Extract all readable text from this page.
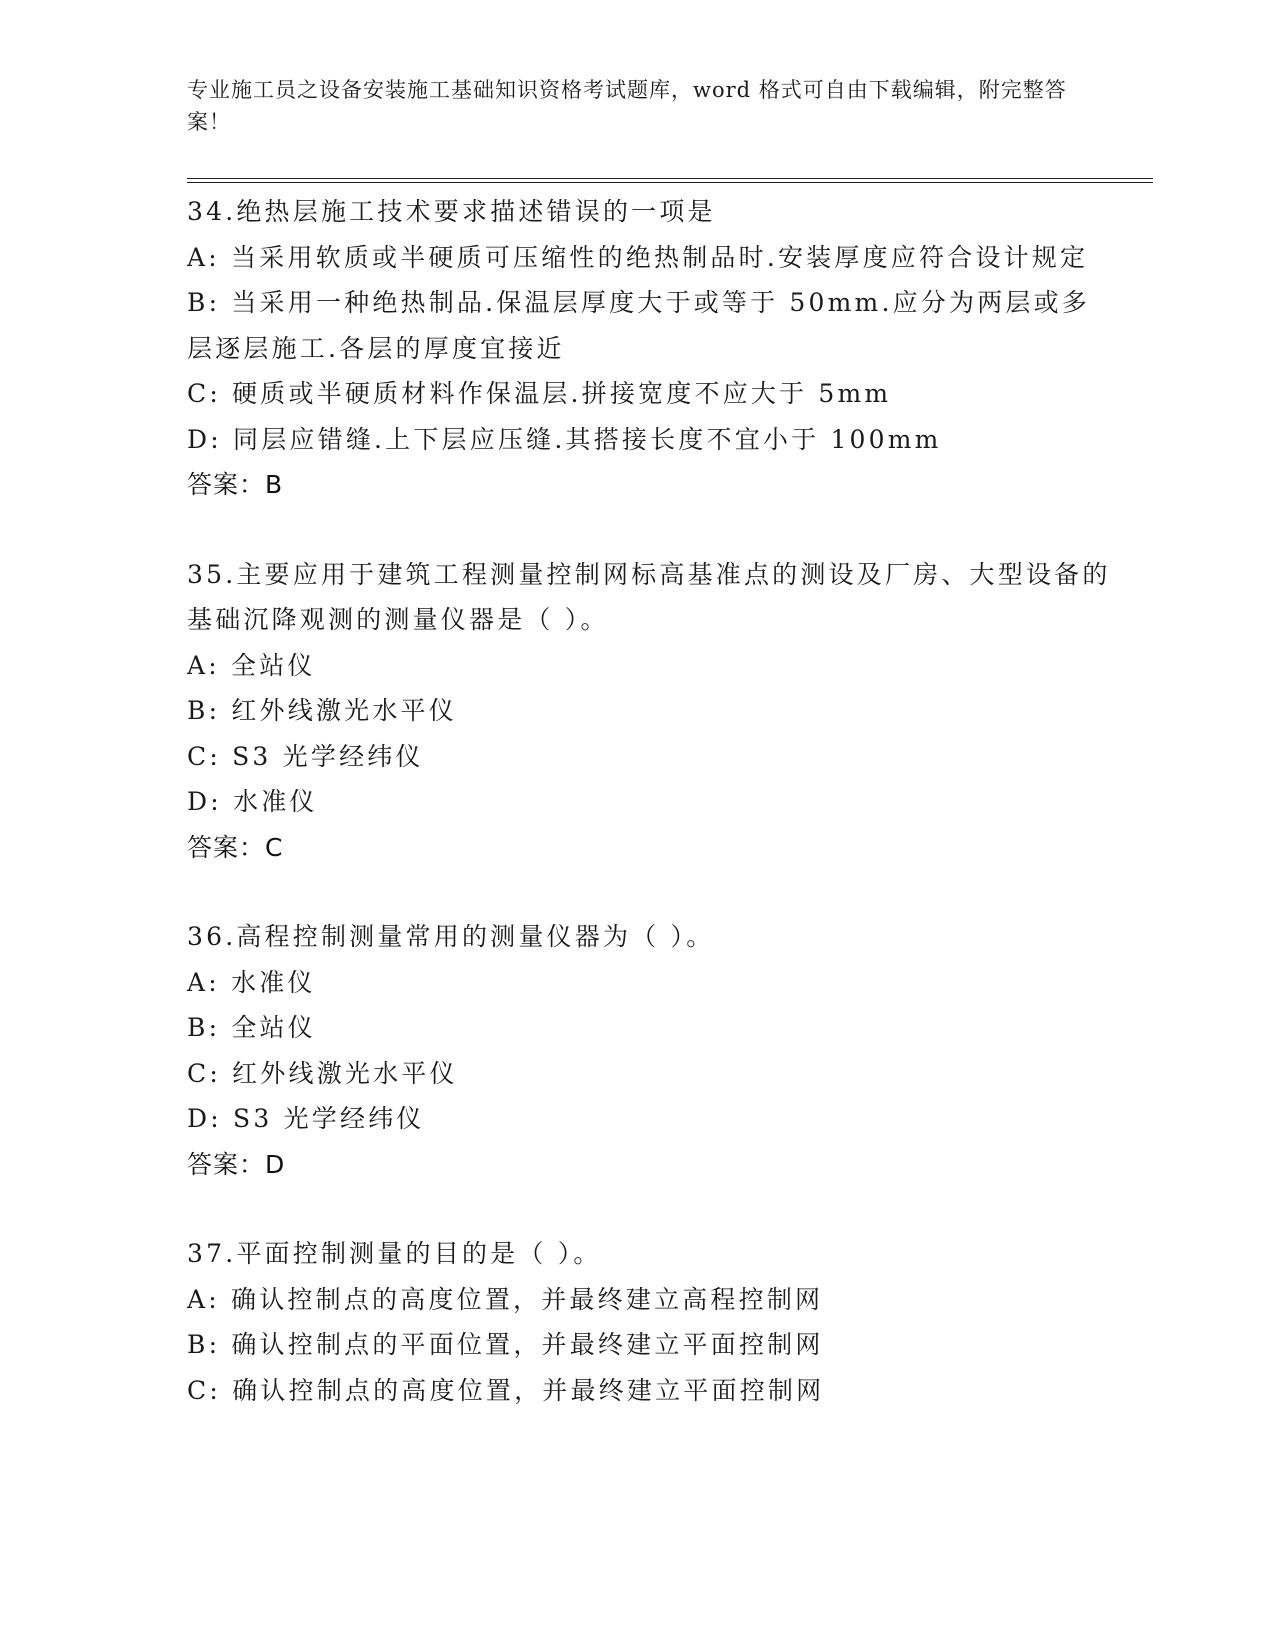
专业施工员之设备安装施工基础知识资格考试题库，word 格式可自由下载编辑，附完整答案！
34.绝热层施工技术要求描述错误的一项是
A: 当采用软质或半硬质可压缩性的绝热制品时.安装厚度应符合设计规定
B: 当采用一种绝热制品.保温层厚度大于或等于 50mm.应分为两层或多层逐层施工.各层的厚度宜接近
C: 硬质或半硬质材料作保温层.拼接宽度不应大于 5mm
D: 同层应错缝.上下层应压缝.其搭接长度不宜小于 100mm
答案：B
35.主要应用于建筑工程测量控制网标高基准点的测设及厂房、大型设备的基础沉降观测的测量仪器是（ ）。
A: 全站仪
B: 红外线激光水平仪
C: S3 光学经纬仪
D: 水准仪
答案：C
36.高程控制测量常用的测量仪器为（ ）。
A: 水准仪
B: 全站仪
C: 红外线激光水平仪
D: S3 光学经纬仪
答案：D
37.平面控制测量的目的是（ ）。
A: 确认控制点的高度位置，并最终建立高程控制网
B: 确认控制点的平面位置，并最终建立平面控制网
C: 确认控制点的高度位置，并最终建立平面控制网
